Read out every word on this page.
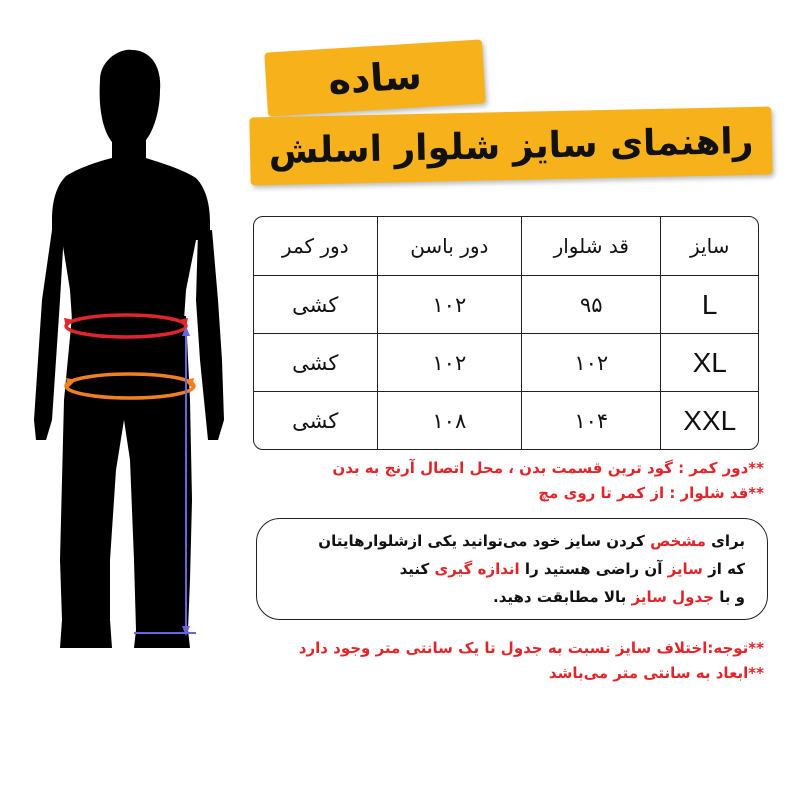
ساده
راهنمای سایز شلوار اسلش
دور کمر	دور باسن	قد شلوار	سایز
کشی	۱۰۲	۹۵	L
کشی	۱۰۲	۱۰۲	XL
کشی	۱۰۸	۱۰۴	XXL
**دور کمر : گود ترین قسمت بدن ، محل اتصال آرنج به بدن
**قد شلوار : از کمر تا روی مچ
برای مشخص کردن سایز خود می‌توانید یکی ازشلوارهایتان
که از سایز آن راضی هستید را اندازه گیری کنید
و با جدول سایز بالا مطابقت دهید.
**توجه:اختلاف سایز نسبت به جدول تا یک سانتی متر وجود دارد
**ابعاد به سانتی متر می‌باشد
